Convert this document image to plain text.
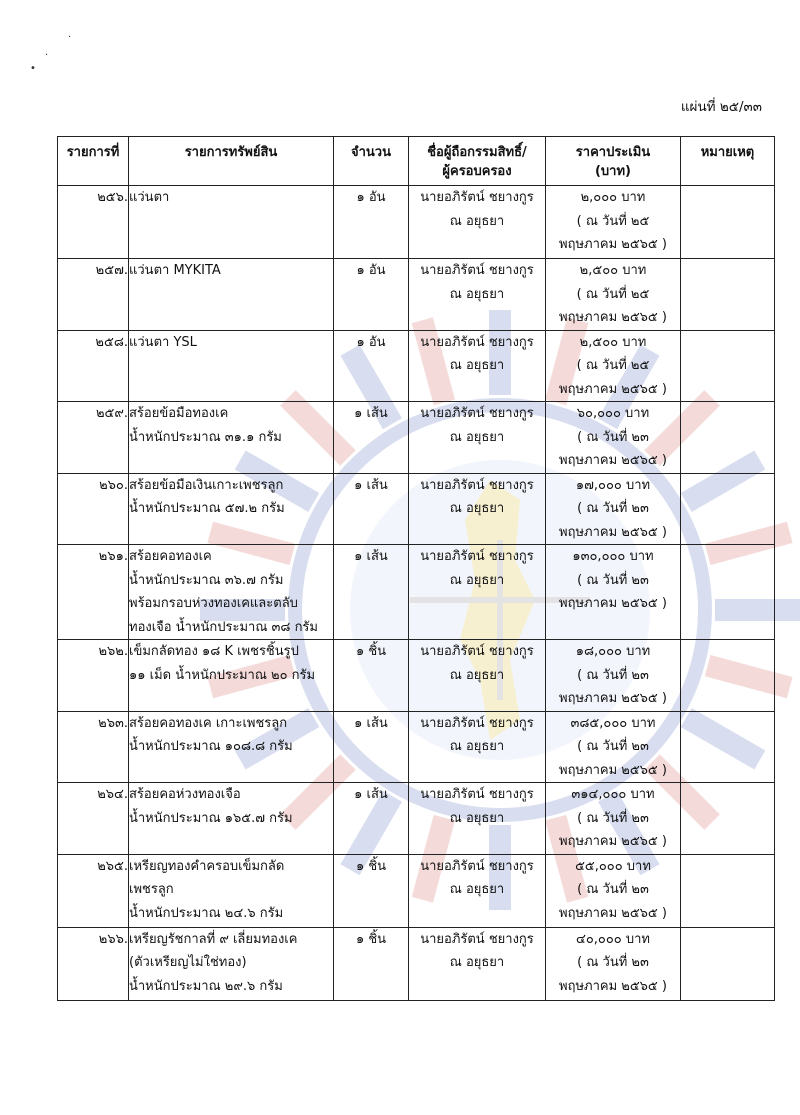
·
•
·
แผ่นที่ ๒๕/๓๓
รายการที่	รายการทรัพย์สิน	จำนวน	ชื่อผู้ถือกรรมสิทธิ์/
ผู้ครอบครอง	ราคาประเมิน
(บาท)	หมายเหตุ

๒๕๖.	แว่นตา	๑ อัน	นายอภิรัตน์ ชยางกูร
ณ อยุธยา	๒,๐๐๐ บาท
( ณ วันที่ ๒๕
พฤษภาคม ๒๕๖๕ )	

๒๕๗.	แว่นตา MYKITA	๑ อัน	นายอภิรัตน์ ชยางกูร
ณ อยุธยา	๒,๕๐๐ บาท
( ณ วันที่ ๒๕
พฤษภาคม ๒๕๖๕ )	

๒๕๘.	แว่นตา YSL	๑ อัน	นายอภิรัตน์ ชยางกูร
ณ อยุธยา	๒,๕๐๐ บาท
( ณ วันที่ ๒๕
พฤษภาคม ๒๕๖๕ )	

๒๕๙.	สร้อยข้อมือทองเค
น้ำหนักประมาณ ๓๑.๑ กรัม	๑ เส้น	นายอภิรัตน์ ชยางกูร
ณ อยุธยา	๖๐,๐๐๐ บาท
( ณ วันที่ ๒๓
พฤษภาคม ๒๕๖๕ )	

๒๖๐.	สร้อยข้อมือเงินเกาะเพชรลูก
น้ำหนักประมาณ ๕๗.๒ กรัม	๑ เส้น	นายอภิรัตน์ ชยางกูร
ณ อยุธยา	๑๗,๐๐๐ บาท
( ณ วันที่ ๒๓
พฤษภาคม ๒๕๖๕ )	

๒๖๑.	สร้อยคอทองเค
น้ำหนักประมาณ ๓๖.๗ กรัม
พร้อมกรอบห่วงทองเคและตลับ
ทองเจือ น้ำหนักประมาณ ๓๘ กรัม	๑ เส้น	นายอภิรัตน์ ชยางกูร
ณ อยุธยา	๑๓๐,๐๐๐ บาท
( ณ วันที่ ๒๓
พฤษภาคม ๒๕๖๕ )	

๒๖๒.	เข็มกลัดทอง ๑๘ K เพชรชิ้นรูป
๑๑ เม็ด น้ำหนักประมาณ ๒๐ กรัม	๑ ชิ้น	นายอภิรัตน์ ชยางกูร
ณ อยุธยา	๑๘,๐๐๐ บาท
( ณ วันที่ ๒๓
พฤษภาคม ๒๕๖๕ )	

๒๖๓.	สร้อยคอทองเค เกาะเพชรลูก
น้ำหนักประมาณ ๑๐๘.๘ กรัม	๑ เส้น	นายอภิรัตน์ ชยางกูร
ณ อยุธยา	๓๘๕,๐๐๐ บาท
( ณ วันที่ ๒๓
พฤษภาคม ๒๕๖๕ )	

๒๖๔.	สร้อยคอห่วงทองเจือ
น้ำหนักประมาณ ๑๖๕.๗ กรัม	๑ เส้น	นายอภิรัตน์ ชยางกูร
ณ อยุธยา	๓๑๔,๐๐๐ บาท
( ณ วันที่ ๒๓
พฤษภาคม ๒๕๖๕ )	

๒๖๕.	เหรียญทองคำครอบเข็มกลัด
เพชรลูก
น้ำหนักประมาณ ๒๔.๖ กรัม	๑ ชิ้น	นายอภิรัตน์ ชยางกูร
ณ อยุธยา	๕๕,๐๐๐ บาท
( ณ วันที่ ๒๓
พฤษภาคม ๒๕๖๕ )	

๒๖๖.	เหรียญรัชกาลที่ ๙ เลี่ยมทองเค
(ตัวเหรียญไม่ใช่ทอง)
น้ำหนักประมาณ ๒๙.๖ กรัม	๑ ชิ้น	นายอภิรัตน์ ชยางกูร
ณ อยุธยา	๔๐,๐๐๐ บาท
( ณ วันที่ ๒๓
พฤษภาคม ๒๕๖๕ )	
